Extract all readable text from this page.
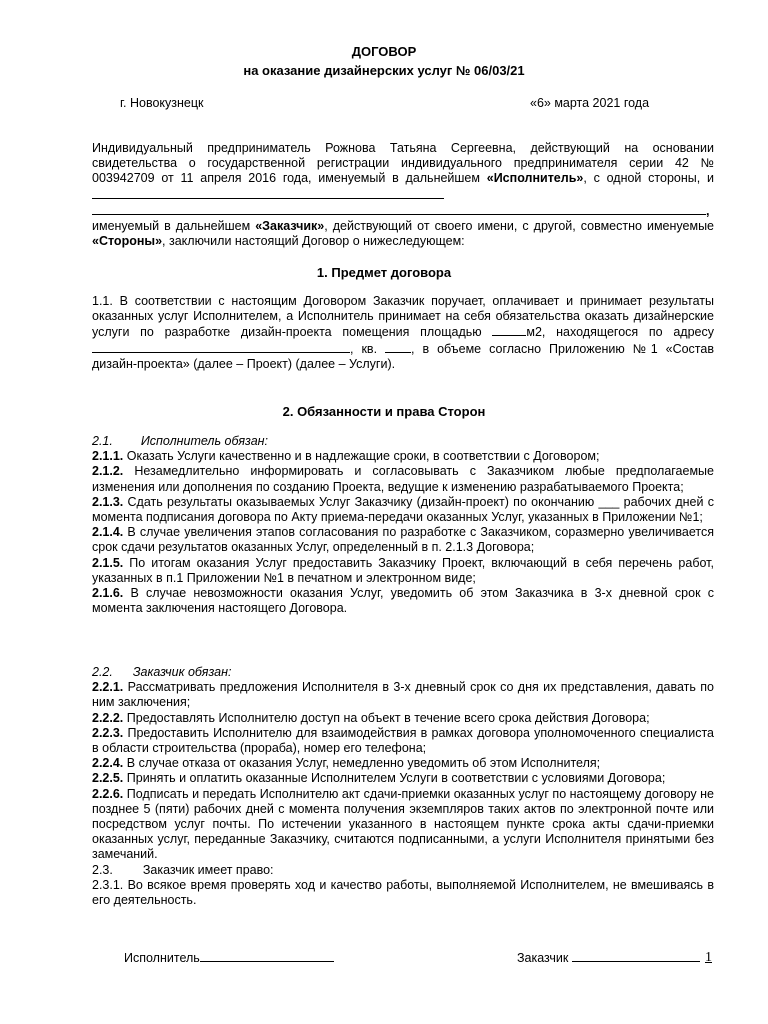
ДОГОВОР
на оказание дизайнерских услуг № 06/03/21
г. Новокузнецк	«6» марта 2021 года
Индивидуальный предприниматель Рожнова Татьяна Сергеевна, действующий на основании свидетельства о государственной регистрации индивидуального предпринимателя серии 42 № 003942709 от 11 апреля 2016 года, именуемый в дальнейшем «Исполнитель», с одной стороны, и , именуемый в дальнейшем «Заказчик», действующий от своего имени, с другой, совместно именуемые «Стороны», заключили настоящий Договор о нижеследующем:
1. Предмет договора
1.1. В соответствии с настоящим Договором Заказчик поручает, оплачивает и принимает результаты оказанных услуг Исполнителем, а Исполнитель принимает на себя обязательства оказать дизайнерские услуги по разработке дизайн-проекта помещения площадью	м2, находящегося по адресу , кв.	, в объеме согласно Приложению №1 «Состав дизайн-проекта» (далее – Проект) (далее – Услуги).
2. Обязанности и права Сторон

2.1. Исполнитель обязан:

2.1.1. Оказать Услуги качественно и в надлежащие сроки, в соответствии с Договором;

2.1.2. Незамедлительно информировать и согласовывать с Заказчиком любые предполагаемые изменения или дополнения по созданию Проекта, ведущие к изменению разрабатываемого Проекта;

2.1.3. Сдать результаты оказываемых Услуг Заказчику (дизайн-проект) по окончанию ___ рабочих дней с момента подписания договора по Акту приема-передачи оказанных Услуг, указанных в Приложении №1;

2.1.4. В случае увеличения этапов согласования по разработке с Заказчиком, соразмерно увеличивается срок сдачи результатов оказанных Услуг, определенный в п. 2.1.3 Договора;

2.1.5. По итогам оказания Услуг предоставить Заказчику Проект, включающий в себя перечень работ, указанных в п.1 Приложении №1 в печатном и электронном виде;

2.1.6. В случае невозможности оказания Услуг, уведомить об этом Заказчика в 3-х дневной срок с момента заключения настоящего Договора.

2.2. Заказчик обязан:

2.2.1. Рассматривать предложения Исполнителя в 3-х дневный срок со дня их представления, давать по ним заключения;

2.2.2. Предоставлять Исполнителю доступ на объект в течение всего срока действия Договора;

2.2.3. Предоставить Исполнителю для взаимодействия в рамках договора уполномоченного специалиста в области строительства (прораба), номер его телефона;

2.2.4. В случае отказа от оказания Услуг, немедленно уведомить об этом Исполнителя;

2.2.5. Принять и оплатить оказанные Исполнителем Услуги в соответствии с условиями Договора;

2.2.6. Подписать и передать Исполнителю акт сдачи-приемки оказанных услуг по настоящему договору не позднее 5 (пяти) рабочих дней с момента получения экземпляров таких актов по электронной почте или посредством услуг почты. По истечении указанного в настоящем пункте срока акты сдачи-приемки оказанных услуг, переданные Заказчику, считаются подписанными, а услуги Исполнителя принятыми без замечаний.

2.3. Заказчик имеет право:

2.3.1. Во всякое время проверять ход и качество работы, выполняемой Исполнителем, не вмешиваясь в его деятельность.

Исполнитель	Заказчик	1
